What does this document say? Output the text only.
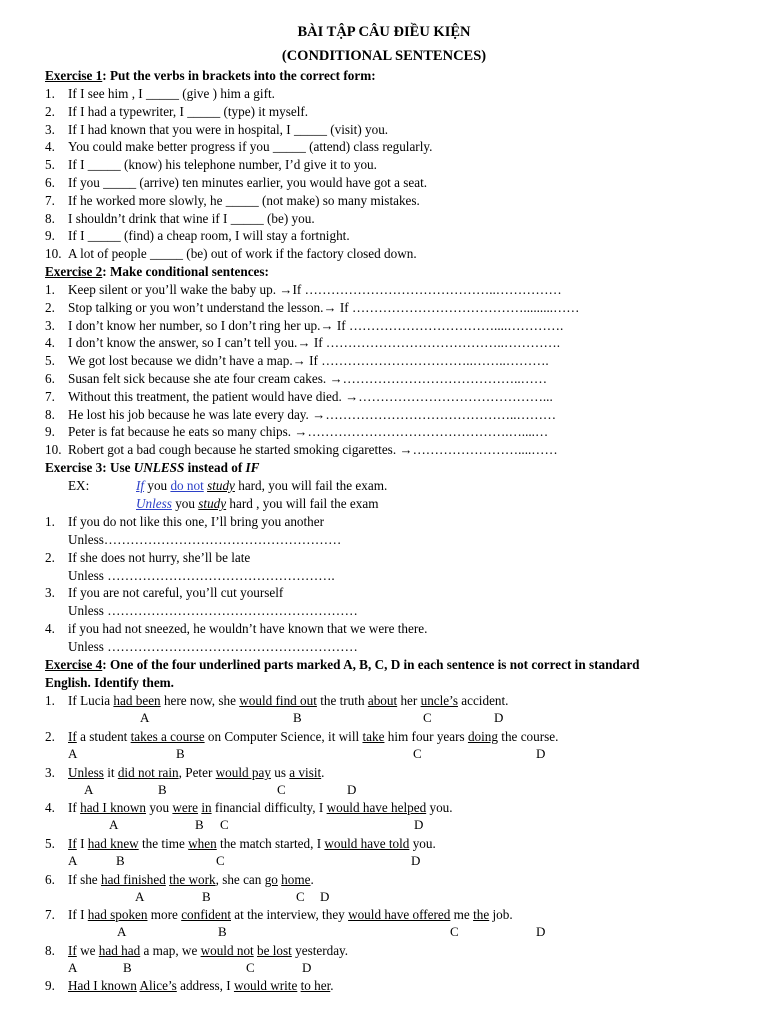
BÀI TẬP CÂU ĐIỀU KIỆN
(CONDITIONAL SENTENCES)
Exercise 1: Put the verbs in brackets into the correct form:
1. If I see him , I _____ (give ) him a gift.
2. If I had a typewriter, I _____ (type) it myself.
3. If I had known that you were in hospital, I _____ (visit) you.
4. You could make better progress if you _____ (attend) class regularly.
5. If I _____ (know) his telephone number, I’d give it to you.
6. If you _____ (arrive) ten minutes earlier, you would have got a seat.
7. If he worked more slowly, he _____ (not make) so many mistakes.
8. I shouldn’t drink that wine if I _____ (be) you.
9. If I _____ (find) a cheap room, I will stay a fortnight.
10. A lot of people _____ (be) out of work if the factory closed down.
Exercise 2: Make conditional sentences:
1. Keep silent or you’ll wake the baby up. →If ……………………………………..……………
2. Stop talking or you won’t understand the lesson.→ If ………………………………….........……
3. I don’t know her number, so I don’t ring her up.→ If ……………………………....………….
4. I don’t know the answer, so I can’t tell you.→ If …………………………………..………….
5. We got lost because we didn’t have a map.→ If ……………………………..……..……….
6. Susan felt sick because she ate four cream cakes. →…………………………………..……
7. Without this treatment, the patient would have died. →……………………………………...
8. He lost his job because he was late every day. →……………………………………..………
9. Peter is fat because he eats so many chips. →……………………………………….…....…
10. Robert got a bad cough because he started smoking cigarettes. →……………………....……
Exercise 3: Use UNLESS instead of IF
EX:	If you do not study hard, you will fail the exam.
Unless you study hard , you will fail the exam
1. If you do not like this one, I’ll bring you another
Unless………………………………………………
2. If she does not hurry, she’ll be late
Unless …………………………………………….
3. If you are not careful, you’ll cut yourself
Unless …………………………………………………
4. if you had not sneezed, he wouldn’t have known that we were there.
Unless …………………………………………………
Exercise 4: One of the four underlined parts marked A, B, C, D in each sentence is not correct in standard
English. Identify them.
1. If Lucia had been here now, she would find out the truth about her uncle’s accident.
A	B	C	D
2. If a student takes a course on Computer Science, it will take him four years doing the course.
A	B	C	D
3. Unless it did not rain, Peter would pay us a visit.
A	B	C	D
4. If had I known you were in financial difficulty, I would have helped you.
A	B C	D
5. If I had knew the time when the match started, I would have told you.
A	B	C	D
6. If she had finished the work, she can go home.
A	B	C D
7. If I had spoken more confident at the interview, they would have offered me the job.
A	B	C	D
8. If we had had a map, we would not be lost yesterday.
A	B	C	D
9. Had I known Alice’s address, I would write to her.
